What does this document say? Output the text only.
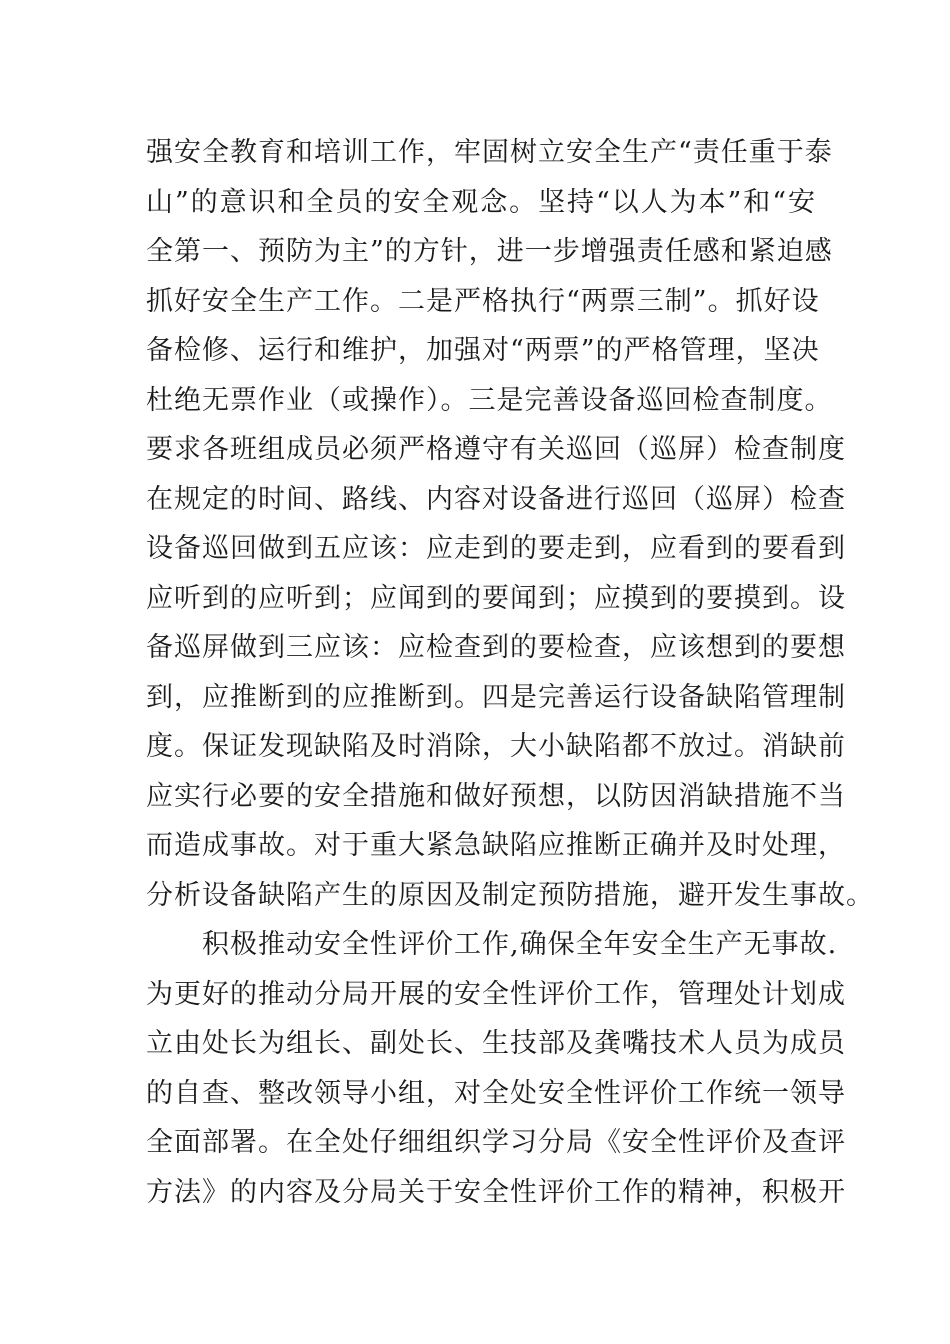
强安全教育和培训工作，牢固树立安全生产“责任重于泰
山”的意识和全员的安全观念。坚持“以人为本”和“安
全第一、预防为主”的方针，进一步增强责任感和紧迫感
抓好安全生产工作。二是严格执行“两票三制”。抓好设
备检修、运行和维护，加强对“两票”的严格管理，坚决
杜绝无票作业（或操作）。三是完善设备巡回检查制度。
要求各班组成员必须严格遵守有关巡回（巡屏）检查制度
在规定的时间、路线、内容对设备进行巡回（巡屏）检查
设备巡回做到五应该：应走到的要走到，应看到的要看到
应听到的应听到；应闻到的要闻到；应摸到的要摸到。设
备巡屏做到三应该：应检查到的要检查，应该想到的要想
到，应推断到的应推断到。四是完善运行设备缺陷管理制
度。保证发现缺陷及时消除，大小缺陷都不放过。消缺前
应实行必要的安全措施和做好预想，以防因消缺措施不当
而造成事故。对于重大紧急缺陷应推断正确并及时处理，
分析设备缺陷产生的原因及制定预防措施，避开发生事故。
　　积极推动安全性评价工作,确保全年安全生产无事故.
为更好的推动分局开展的安全性评价工作，管理处计划成
立由处长为组长、副处长、生技部及龚嘴技术人员为成员
的自查、整改领导小组，对全处安全性评价工作统一领导
全面部署。在全处仔细组织学习分局《安全性评价及查评
方法》的内容及分局关于安全性评价工作的精神，积极开
